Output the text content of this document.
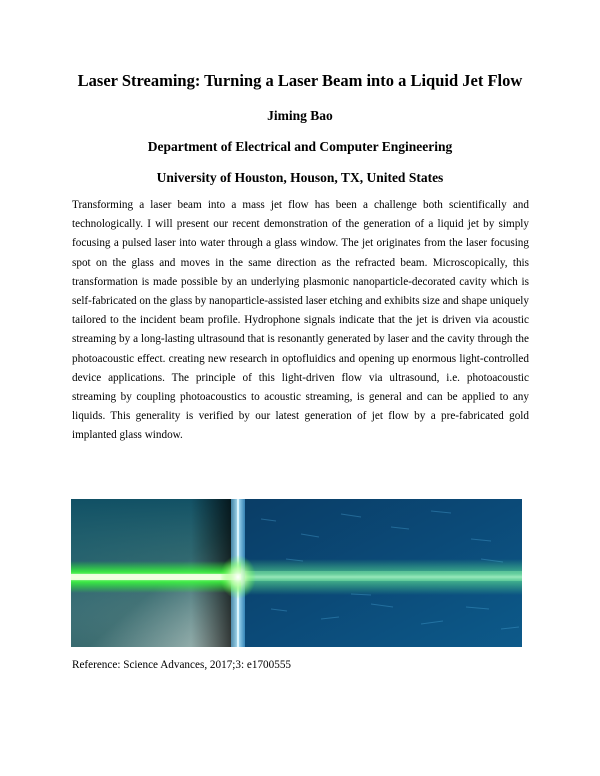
Laser Streaming: Turning a Laser Beam into a Liquid Jet Flow
Jiming Bao
Department of Electrical and Computer Engineering
University of Houston, Houson, TX, United States

Transforming a laser beam into a mass jet flow has been a challenge both scientifically and technologically. I will present our recent demonstration of the generation of a liquid jet by simply focusing a pulsed laser into water through a glass window. The jet originates from the laser focusing spot on the glass and moves in the same direction as the refracted beam. Microscopically, this transformation is made possible by an underlying plasmonic nanoparticle-decorated cavity which is self-fabricated on the glass by nanoparticle-assisted laser etching and exhibits size and shape uniquely tailored to the incident beam profile. Hydrophone signals indicate that the jet is driven via acoustic streaming by a long-lasting ultrasound that is resonantly generated by laser and the cavity through the photoacoustic effect. creating new research in optofluidics and opening up enormous light-controlled device applications. The principle of this light-driven flow via ultrasound, i.e. photoacoustic streaming by coupling photoacoustics to acoustic streaming, is general and can be applied to any liquids. This generality is verified by our latest generation of jet flow by a pre-fabricated gold implanted glass window.

Reference: Science Advances, 2017;3: e1700555
